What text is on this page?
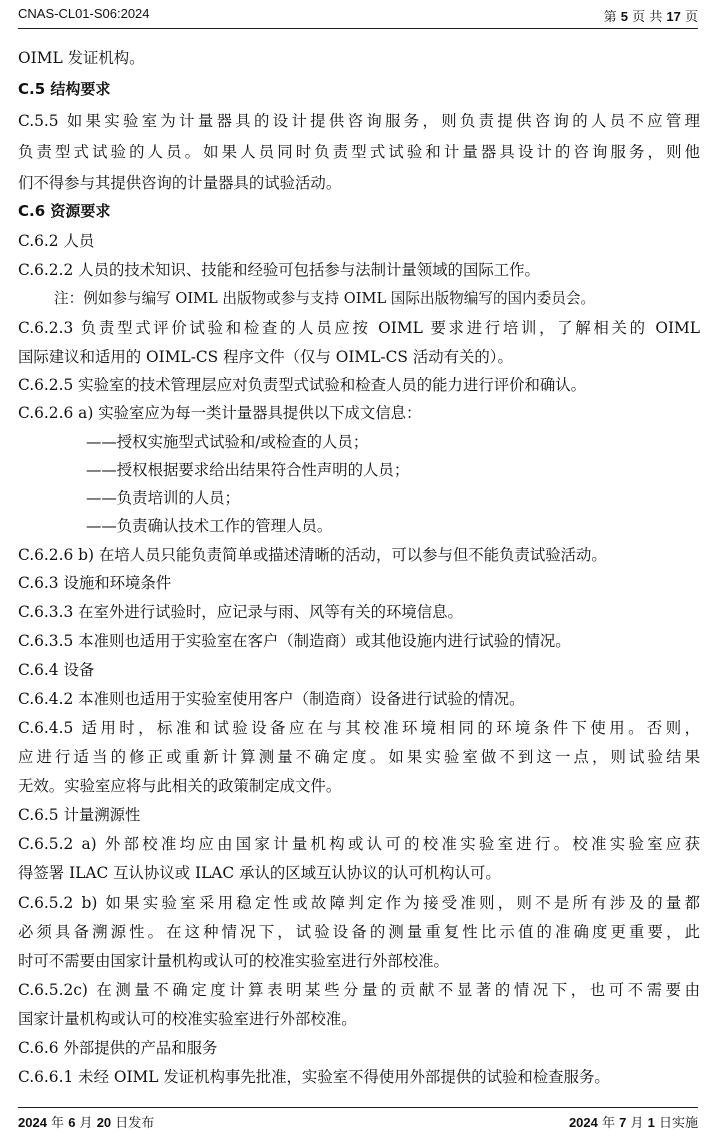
CNAS-CL01-S06:2024	第 5 页 共 17 页
OIML 发证机构。
C.5 结构要求
C.5.5 如果实验室为计量器具的设计提供咨询服务，则负责提供咨询的人员不应管理
负责型式试验的人员。如果人员同时负责型式试验和计量器具设计的咨询服务，则他
们不得参与其提供咨询的计量器具的试验活动。
C.6 资源要求
C.6.2 人员
C.6.2.2 人员的技术知识、技能和经验可包括参与法制计量领域的国际工作。
注：例如参与编写 OIML 出版物或参与支持 OIML 国际出版物编写的国内委员会。
C.6.2.3 负责型式评价试验和检查的人员应按 OIML 要求进行培训，了解相关的 OIML
国际建议和适用的 OIML-CS 程序文件（仅与 OIML-CS 活动有关的）。
C.6.2.5 实验室的技术管理层应对负责型式试验和检查人员的能力进行评价和确认。
C.6.2.6 a) 实验室应为每一类计量器具提供以下成文信息：
——授权实施型式试验和/或检查的人员；
——授权根据要求给出结果符合性声明的人员；
——负责培训的人员；
——负责确认技术工作的管理人员。
C.6.2.6 b) 在培人员只能负责简单或描述清晰的活动，可以参与但不能负责试验活动。
C.6.3 设施和环境条件
C.6.3.3 在室外进行试验时，应记录与雨、风等有关的环境信息。
C.6.3.5 本准则也适用于实验室在客户（制造商）或其他设施内进行试验的情况。
C.6.4 设备
C.6.4.2 本准则也适用于实验室使用客户（制造商）设备进行试验的情况。
C.6.4.5 适用时，标准和试验设备应在与其校准环境相同的环境条件下使用。否则，
应进行适当的修正或重新计算测量不确定度。如果实验室做不到这一点，则试验结果
无效。实验室应将与此相关的政策制定成文件。
C.6.5 计量溯源性
C.6.5.2 a) 外部校准均应由国家计量机构或认可的校准实验室进行。校准实验室应获
得签署 ILAC 互认协议或 ILAC 承认的区域互认协议的认可机构认可。
C.6.5.2 b) 如果实验室采用稳定性或故障判定作为接受准则，则不是所有涉及的量都
必须具备溯源性。在这种情况下，试验设备的测量重复性比示值的准确度更重要，此
时可不需要由国家计量机构或认可的校准实验室进行外部校准。
C.6.5.2c) 在测量不确定度计算表明某些分量的贡献不显著的情况下，也可不需要由
国家计量机构或认可的校准实验室进行外部校准。
C.6.6 外部提供的产品和服务
C.6.6.1 未经 OIML 发证机构事先批准，实验室不得使用外部提供的试验和检查服务。
2024 年 6 月 20 日发布	2024 年 7 月 1 日实施
